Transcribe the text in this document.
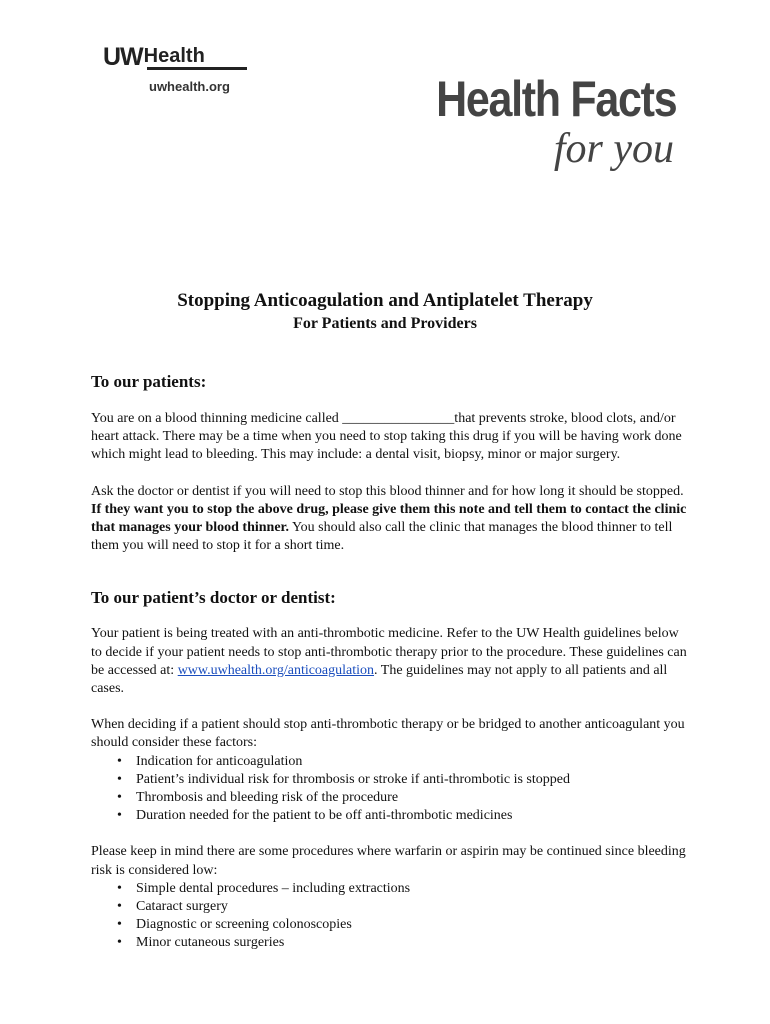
UW Health
uwhealth.org	Health Facts
for you
Stopping Anticoagulation and Antiplatelet Therapy
For Patients and Providers
To our patients:

You are on a blood thinning medicine called ________________that prevents stroke, blood clots, and/or heart attack. There may be a time when you need to stop taking this drug if you will be having work done which might lead to bleeding. This may include: a dental visit, biopsy, minor or major surgery.

Ask the doctor or dentist if you will need to stop this blood thinner and for how long it should be stopped. If they want you to stop the above drug, please give them this note and tell them to contact the clinic that manages your blood thinner. You should also call the clinic that manages the blood thinner to tell them you will need to stop it for a short time.

To our patient’s doctor or dentist:

Your patient is being treated with an anti-thrombotic medicine. Refer to the UW Health guidelines below to decide if your patient needs to stop anti-thrombotic therapy prior to the procedure. These guidelines can be accessed at: www.uwhealth.org/anticoagulation. The guidelines may not apply to all patients and all cases.

When deciding if a patient should stop anti-thrombotic therapy or be bridged to another anticoagulant you should consider these factors:

• Indication for anticoagulation
• Patient’s individual risk for thrombosis or stroke if anti-thrombotic is stopped
• Thrombosis and bleeding risk of the procedure
• Duration needed for the patient to be off anti-thrombotic medicines

Please keep in mind there are some procedures where warfarin or aspirin may be continued since bleeding risk is considered low:

• Simple dental procedures – including extractions
• Cataract surgery
• Diagnostic or screening colonoscopies
• Minor cutaneous surgeries
